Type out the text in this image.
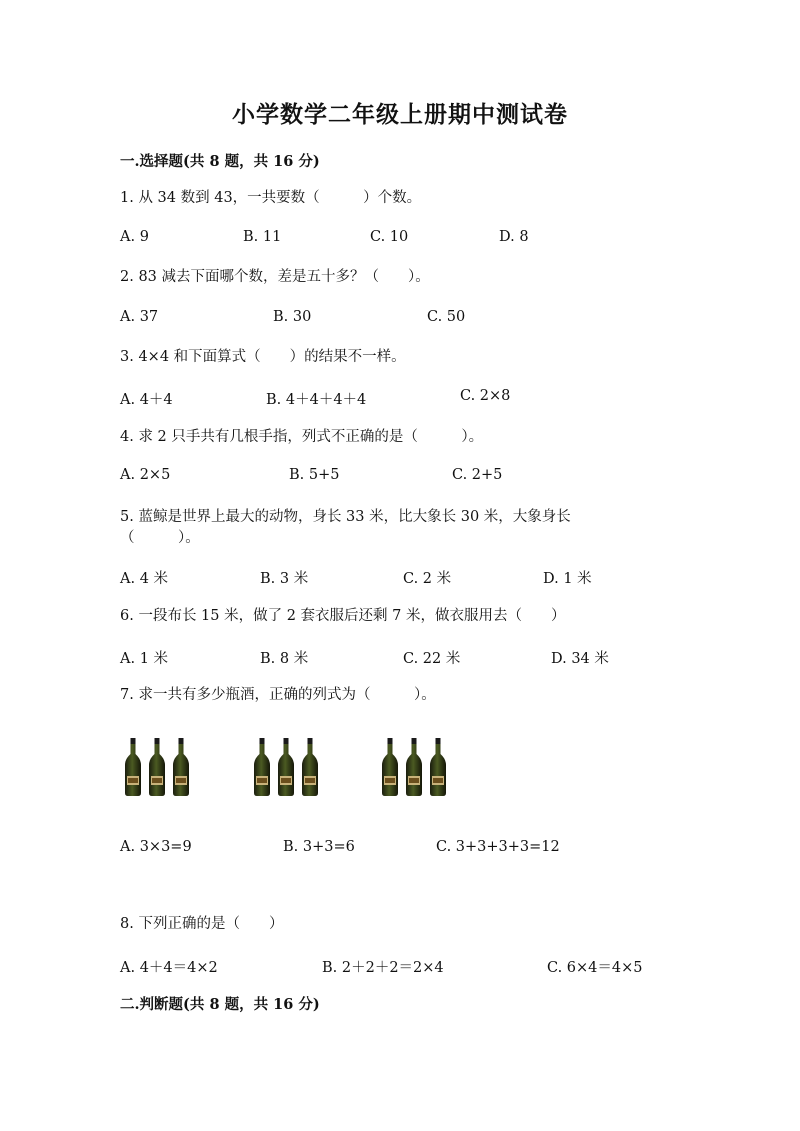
小学数学二年级上册期中测试卷
一.选择题(共 8 题，共 16 分)
1. 从 34 数到 43，一共要数（　　　）个数。
A. 9	B. 11	C. 10	D. 8
2. 83 减去下面哪个数，差是五十多？（　　）。
A. 37	B. 30	C. 50
3. 4×4 和下面算式（　　）的结果不一样。
A. 4＋4	B. 4＋4＋4＋4	C. 2×8
4. 求 2 只手共有几根手指，列式不正确的是（　　　）。
A. 2×5	B. 5+5	C. 2+5
5. 蓝鲸是世界上最大的动物，身长 33 米，比大象长 30 米，大象身长（　　　）。
A. 4 米	B. 3 米	C. 2 米	D. 1 米
6. 一段布长 15 米，做了 2 套衣服后还剩 7 米，做衣服用去（　　）
A. 1 米	B. 8 米	C. 22 米	D. 34 米
7. 求一共有多少瓶酒，正确的列式为（　　　）。
A. 3×3=9	B. 3+3=6	C. 3+3+3+3=12
8. 下列正确的是（　　）
A. 4＋4＝4×2	B. 2＋2＋2＝2×4	C. 6×4＝4×5
二.判断题(共 8 题，共 16 分)
